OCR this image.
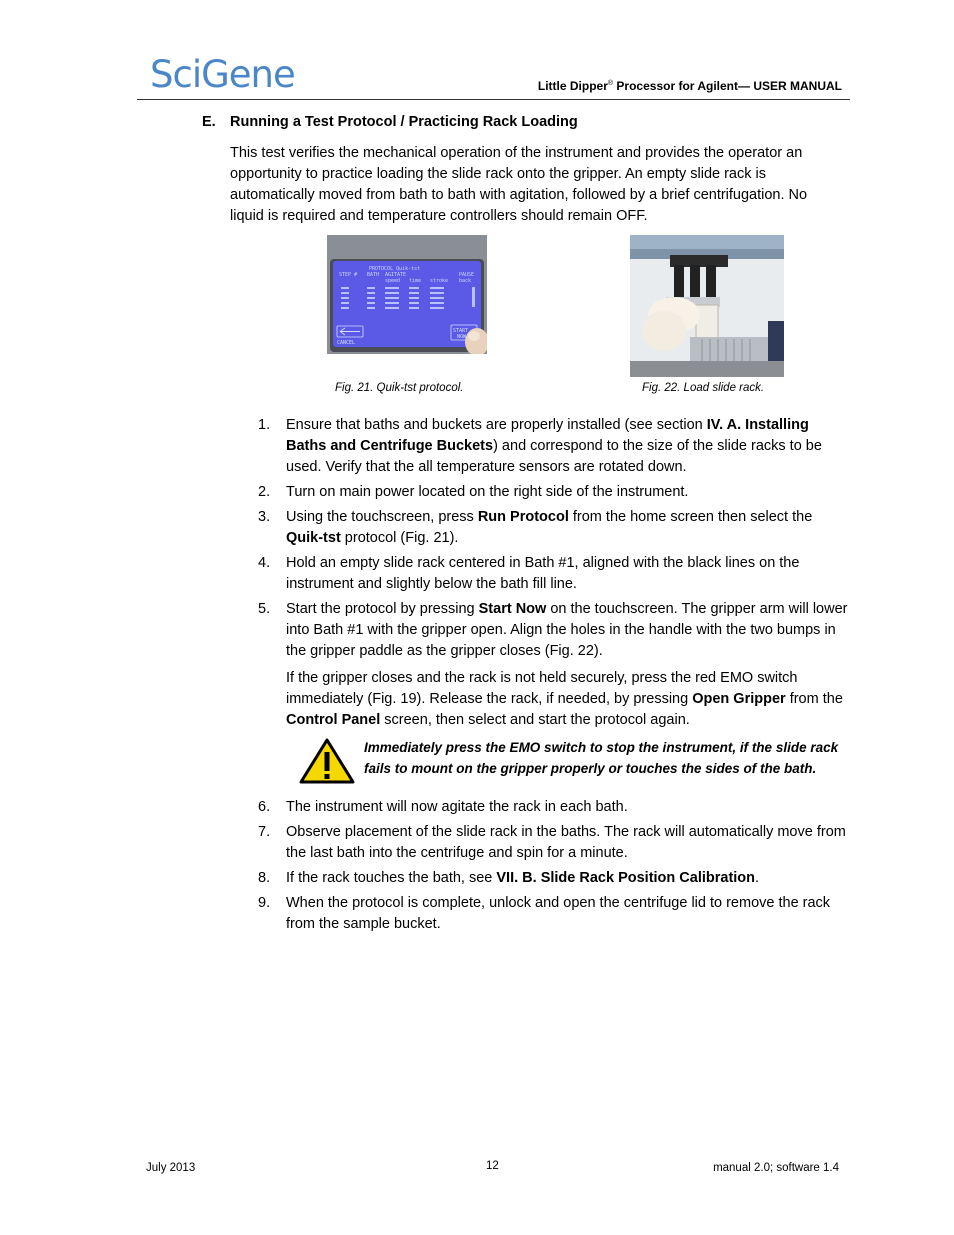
SciGene	Little Dipper® Processor for Agilent— USER MANUAL
E. Running a Test Protocol / Practicing Rack Loading

This test verifies the mechanical operation of the instrument and provides the operator an opportunity to practice loading the slide rack onto the gripper. An empty slide rack is automatically moved from bath to bath with agitation, followed by a brief centrifugation. No liquid is required and temperature controllers should remain OFF.

PROTOCOL Quik-tst
AGITATE
STEP # BATH
speed time stroke
PAUSE
back
CANCEL
START
NOW
Fig. 21. Quik-tst protocol.	Fig. 22. Load slide rack.
1. Ensure that baths and buckets are properly installed (see section IV. A. Installing Baths and Centrifuge Buckets) and correspond to the size of the slide racks to be used. Verify that the all temperature sensors are rotated down.
2. Turn on main power located on the right side of the instrument.
3. Using the touchscreen, press Run Protocol from the home screen then select the Quik-tst protocol (Fig. 21).
4. Hold an empty slide rack centered in Bath #1, aligned with the black lines on the instrument and slightly below the bath fill line.
5. Start the protocol by pressing Start Now on the touchscreen. The gripper arm will lower into Bath #1 with the gripper open. Align the holes in the handle with the two bumps in the gripper paddle as the gripper closes (Fig. 22).
If the gripper closes and the rack is not held securely, press the red EMO switch immediately (Fig. 19). Release the rack, if needed, by pressing Open Gripper from the Control Panel screen, then select and start the protocol again.
Immediately press the EMO switch to stop the instrument, if the slide rack fails to mount on the gripper properly or touches the sides of the bath.
6. The instrument will now agitate the rack in each bath.
7. Observe placement of the slide rack in the baths. The rack will automatically move from the last bath into the centrifuge and spin for a minute.
8. If the rack touches the bath, see VII. B. Slide Rack Position Calibration.
9. When the protocol is complete, unlock and open the centrifuge lid to remove the rack from the sample bucket.
July 2013	12	manual 2.0; software 1.4
